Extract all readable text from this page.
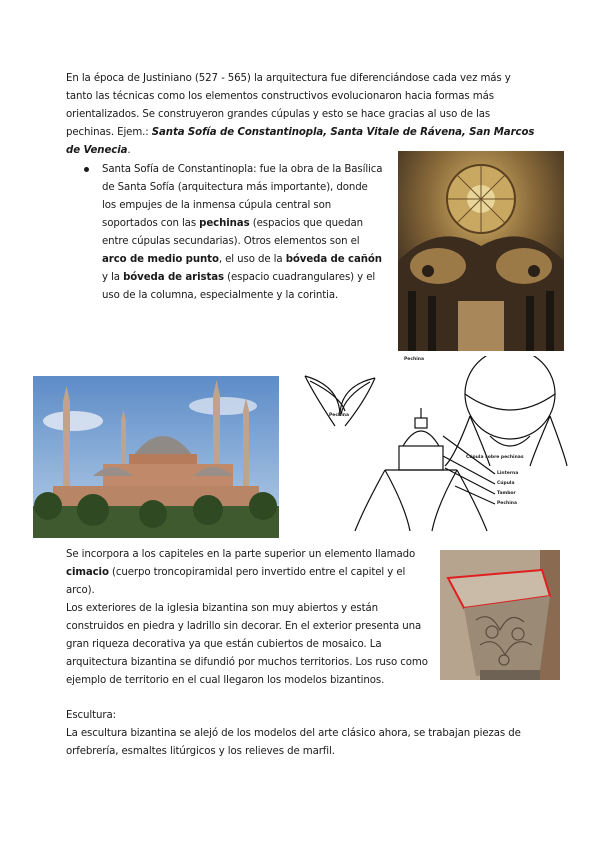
En la época de Justiniano (527 - 565) la arquitectura fue diferenciándose cada vez más y tanto las técnicas como los elementos constructivos evolucionaron hacia formas más orientalizados. Se construyeron grandes cúpulas y esto se hace gracias al uso de las pechinas. Ejem.: Santa Sofía de Constantinopla, Santa Vitale de Rávena, San Marcos de Venecia.
Santa Sofía de Constantinopla: fue la obra de la Basílica de Santa Sofía (arquitectura más importante), donde los empujes de la inmensa cúpula central son soportados con las pechinas (espacios que quedan entre cúpulas secundarias). Otros elementos son el arco de medio punto, el uso de la bóveda de cañón y la bóveda de aristas (espacio cuadrangulares) y el uso de la columna, especialmente y la corintia.
Pechina
Pechina
Cúpula sobre pechinas
Linterna
Cúpula
Tambor
Pechina
Se incorpora a los capiteles en la parte superior un elemento llamado cimacio (cuerpo troncopiramidal pero invertido entre el capitel y el arco).
Los exteriores de la iglesia bizantina son muy abiertos y están construidos en piedra y ladrillo sin decorar. En el exterior presenta una gran riqueza decorativa ya que están cubiertos de mosaico. La arquitectura bizantina se difundió por muchos territorios. Los ruso como ejemplo de territorio en el cual llegaron los modelos bizantinos.
Escultura:
La escultura bizantina se alejó de los modelos del arte clásico ahora, se trabajan piezas de orfebrería, esmaltes litúrgicos y los relieves de marfil.
